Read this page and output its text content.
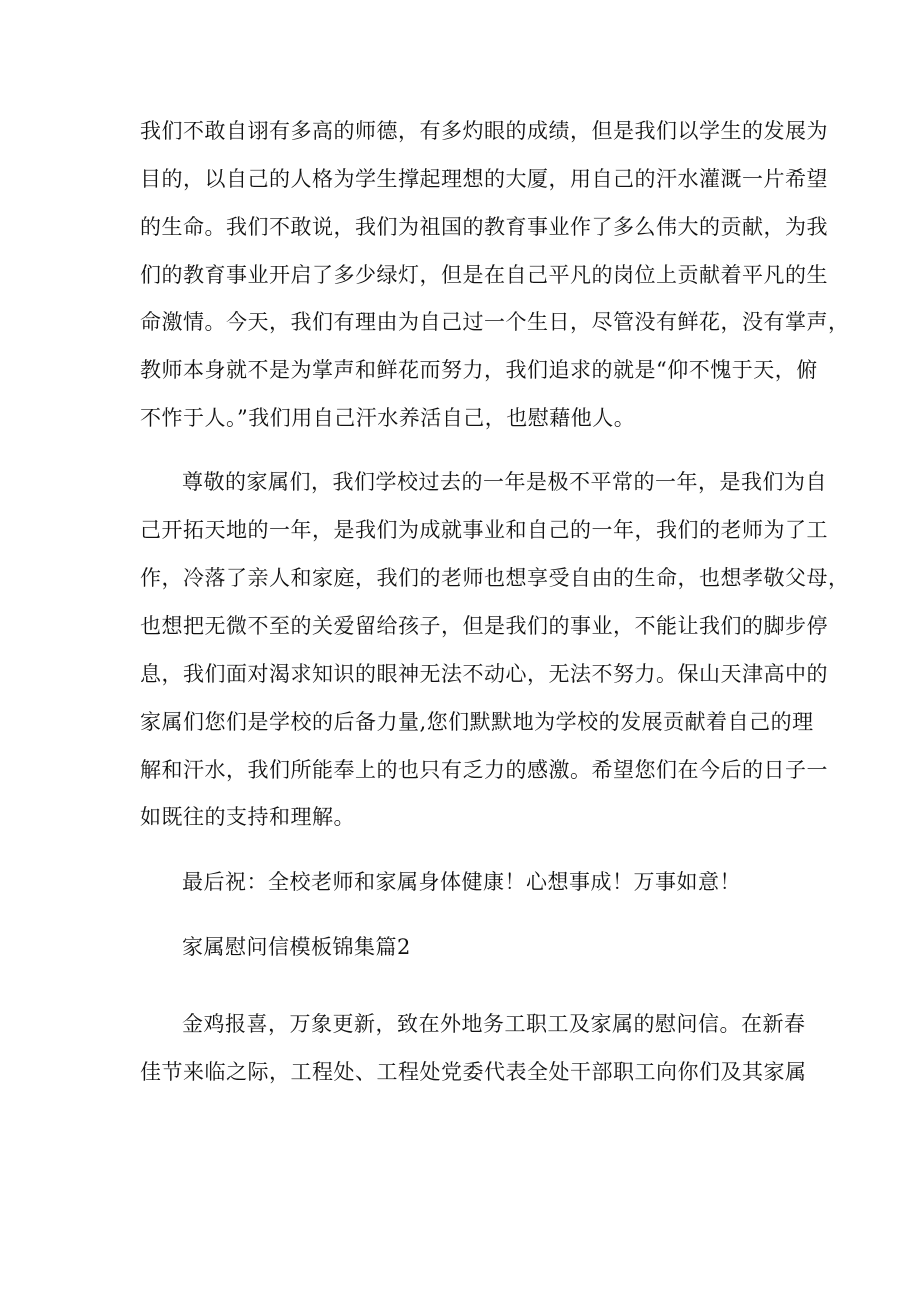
我们不敢自诩有多高的师德，有多灼眼的成绩，但是我们以学生的发展为
目的，以自己的人格为学生撑起理想的大厦，用自己的汗水灌溉一片希望
的生命。我们不敢说，我们为祖国的教育事业作了多么伟大的贡献，为我
们的教育事业开启了多少绿灯，但是在自己平凡的岗位上贡献着平凡的生
命激情。今天，我们有理由为自己过一个生日，尽管没有鲜花，没有掌声，
教师本身就不是为掌声和鲜花而努力，我们追求的就是“仰不愧于天，俯
不怍于人。”我们用自己汗水养活自己，也慰藉他人。
尊敬的家属们，我们学校过去的一年是极不平常的一年，是我们为自
己开拓天地的一年，是我们为成就事业和自己的一年，我们的老师为了工
作，冷落了亲人和家庭，我们的老师也想享受自由的生命，也想孝敬父母，
也想把无微不至的关爱留给孩子，但是我们的事业，不能让我们的脚步停
息，我们面对渴求知识的眼神无法不动心，无法不努力。保山天津高中的
家属们您们是学校的后备力量,您们默默地为学校的发展贡献着自己的理
解和汗水，我们所能奉上的也只有乏力的感激。希望您们在今后的日子一
如既往的支持和理解。
最后祝：全校老师和家属身体健康！心想事成！万事如意！
家属慰问信模板锦集篇2
金鸡报喜，万象更新，致在外地务工职工及家属的慰问信。在新春
佳节来临之际，工程处、工程处党委代表全处干部职工向你们及其家属
